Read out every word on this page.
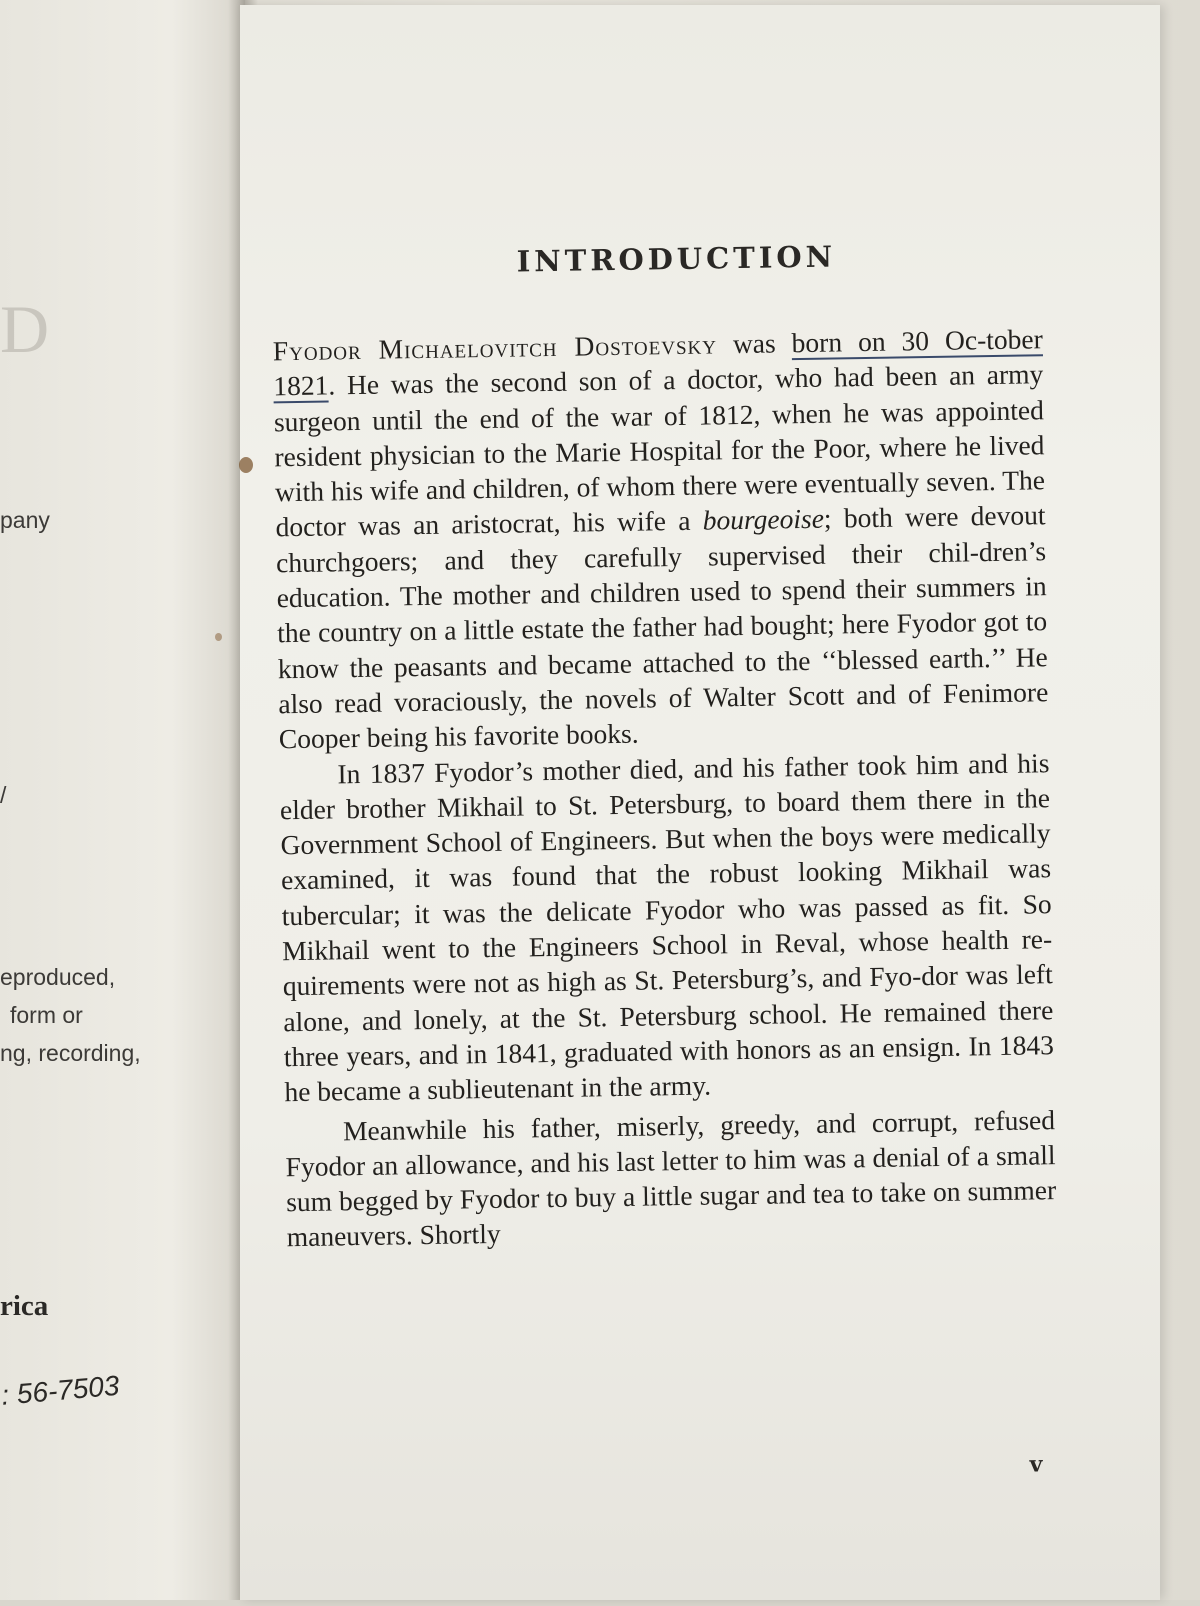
D
pany
/
eproduced,
form or
ng, recording,
rica
: 56-7503
INTRODUCTION

Fyodor Michaelovitch Dostoevsky was born on 30 Oc-tober 1821. He was the second son of a doctor, who had been an army surgeon until the end of the war of 1812, when he was appointed resident physician to the Marie Hospital for the Poor, where he lived with his wife and children, of whom there were eventually seven. The doctor was an aristocrat, his wife a bourgeoise; both were devout churchgoers; and they carefully supervised their chil-dren’s education. The mother and children used to spend their summers in the country on a little estate the father had bought; here Fyodor got to know the peasants and became attached to the ‘‘blessed earth.’’ He also read voraciously, the novels of Walter Scott and of Fenimore Cooper being his favorite books.

In 1837 Fyodor’s mother died, and his father took him and his elder brother Mikhail to St. Petersburg, to board them there in the Government School of Engineers. But when the boys were medically examined, it was found that the robust looking Mikhail was tubercular; it was the delicate Fyodor who was passed as fit. So Mikhail went to the Engineers School in Reval, whose health re-quirements were not as high as St. Petersburg’s, and Fyo-dor was left alone, and lonely, at the St. Petersburg school. He remained there three years, and in 1841, graduated with honors as an ensign. In 1843 he became a sublieutenant in the army.

Meanwhile his father, miserly, greedy, and corrupt, refused Fyodor an allowance, and his last letter to him was a denial of a small sum begged by Fyodor to buy a little sugar and tea to take on summer maneuvers. Shortly

v
